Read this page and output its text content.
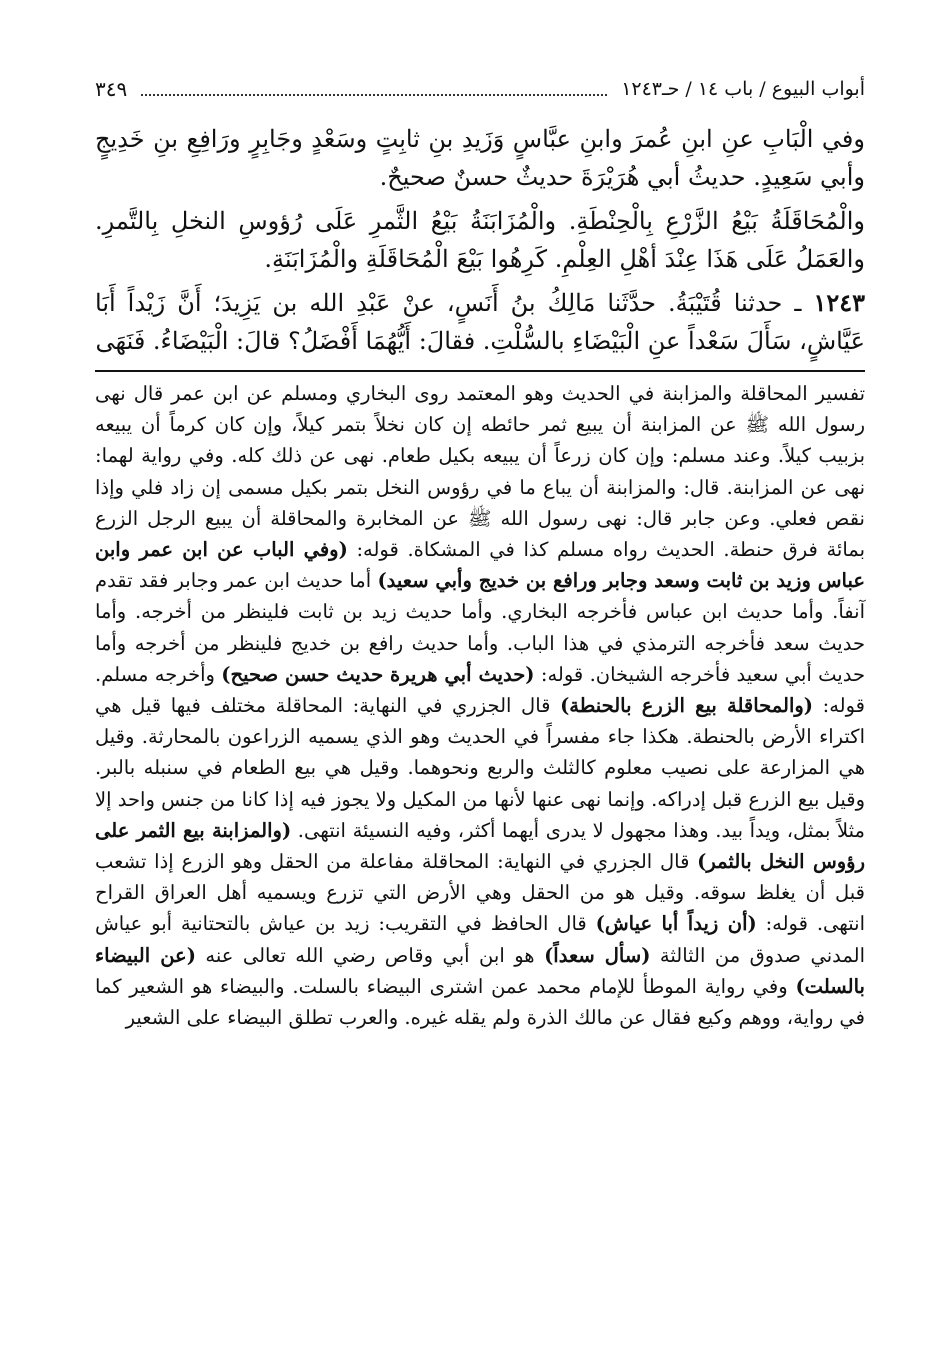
أبواب البيوع / باب ١٤ / حـ١٢٤٣
٣٤٩

وفي الْبَابِ عنِ ابنِ عُمرَ وابنِ عبَّاسٍ وَزَيدِ بنِ ثابِتٍ وسَعْدٍ وجَابِرٍ ورَافِعِ بنِ خَدِيجٍ وأبي سَعِيدٍ. حديثُ أبي هُرَيْرَةَ حديثٌ حسنٌ صحيحٌ.

والْمُحَاقَلَةُ بَيْعُ الزَّرْعِ بِالْحِنْطَةِ. والْمُزَابَنَةُ بَيْعُ الثَّمرِ عَلَى رُؤوسِ النخلِ بِالتَّمرِ. والعَمَلُ عَلَى هَذَا عِنْدَ أهْلِ العِلْمِ. كَرِهُوا بَيْعَ الْمُحَاقَلَةِ والْمُزَابَنَةِ.

١٢٤٣ ـ حدثنا قُتَيْبَةُ. حدَّثَنا مَالِكُ بنُ أَنَسٍ، عنْ عَبْدِ الله بن يَزِيدَ؛ أَنَّ زَيْداً أَبَا عَيَّاشٍ، سَأَلَ سَعْداً عنِ الْبَيْضَاءِ بالسُّلْتِ. فقالَ: أَيُّهُمَا أَفْضَلُ؟ قالَ: الْبَيْضَاءُ. فَنَهَى

تفسير المحاقلة والمزابنة في الحديث وهو المعتمد روى البخاري ومسلم عن ابن عمر قال نهى رسول الله ﷺ عن المزابنة أن يبيع ثمر حائطه إن كان نخلاً بتمر كيلاً، وإن كان كرماً أن يبيعه بزبيب كيلاً. وعند مسلم: وإن كان زرعاً أن يبيعه بكيل طعام. نهى عن ذلك كله. وفي رواية لهما: نهى عن المزابنة. قال: والمزابنة أن يباع ما في رؤوس النخل بتمر بكيل مسمى إن زاد فلي وإذا نقص فعلي. وعن جابر قال: نهى رسول الله ﷺ عن المخابرة والمحاقلة أن يبيع الرجل الزرع بمائة فرق حنطة. الحديث رواه مسلم كذا في المشكاة. قوله: (وفي الباب عن ابن عمر وابن عباس وزيد بن ثابت وسعد وجابر ورافع بن خديج وأبي سعيد) أما حديث ابن عمر وجابر فقد تقدم آنفاً. وأما حديث ابن عباس فأخرجه البخاري. وأما حديث زيد بن ثابت فلينظر من أخرجه. وأما حديث سعد فأخرجه الترمذي في هذا الباب. وأما حديث رافع بن خديج فلينظر من أخرجه وأما حديث أبي سعيد فأخرجه الشيخان. قوله: (حديث أبي هريرة حديث حسن صحيح) وأخرجه مسلم. قوله: (والمحاقلة بيع الزرع بالحنطة) قال الجزري في النهاية: المحاقلة مختلف فيها قيل هي اكتراء الأرض بالحنطة. هكذا جاء مفسراً في الحديث وهو الذي يسميه الزراعون بالمحارثة. وقيل هي المزارعة على نصيب معلوم كالثلث والربع ونحوهما. وقيل هي بيع الطعام في سنبله بالبر. وقيل بيع الزرع قبل إدراكه. وإنما نهى عنها لأنها من المكيل ولا يجوز فيه إذا كانا من جنس واحد إلا مثلاً بمثل، ويداً بيد. وهذا مجهول لا يدرى أيهما أكثر، وفيه النسيئة انتهى. (والمزابنة بيع الثمر على رؤوس النخل بالثمر) قال الجزري في النهاية: المحاقلة مفاعلة من الحقل وهو الزرع إذا تشعب قبل أن يغلظ سوقه. وقيل هو من الحقل وهي الأرض التي تزرع ويسميه أهل العراق القراح انتهى. قوله: (أن زيداً أبا عياش) قال الحافظ في التقريب: زيد بن عياش بالتحتانية أبو عياش المدني صدوق من الثالثة (سأل سعداً) هو ابن أبي وقاص رضي الله تعالى عنه (عن البيضاء بالسلت) وفي رواية الموطأ للإمام محمد عمن اشترى البيضاء بالسلت. والبيضاء هو الشعير كما في رواية، ووهم وكيع فقال عن مالك الذرة ولم يقله غيره. والعرب تطلق البيضاء على الشعير
